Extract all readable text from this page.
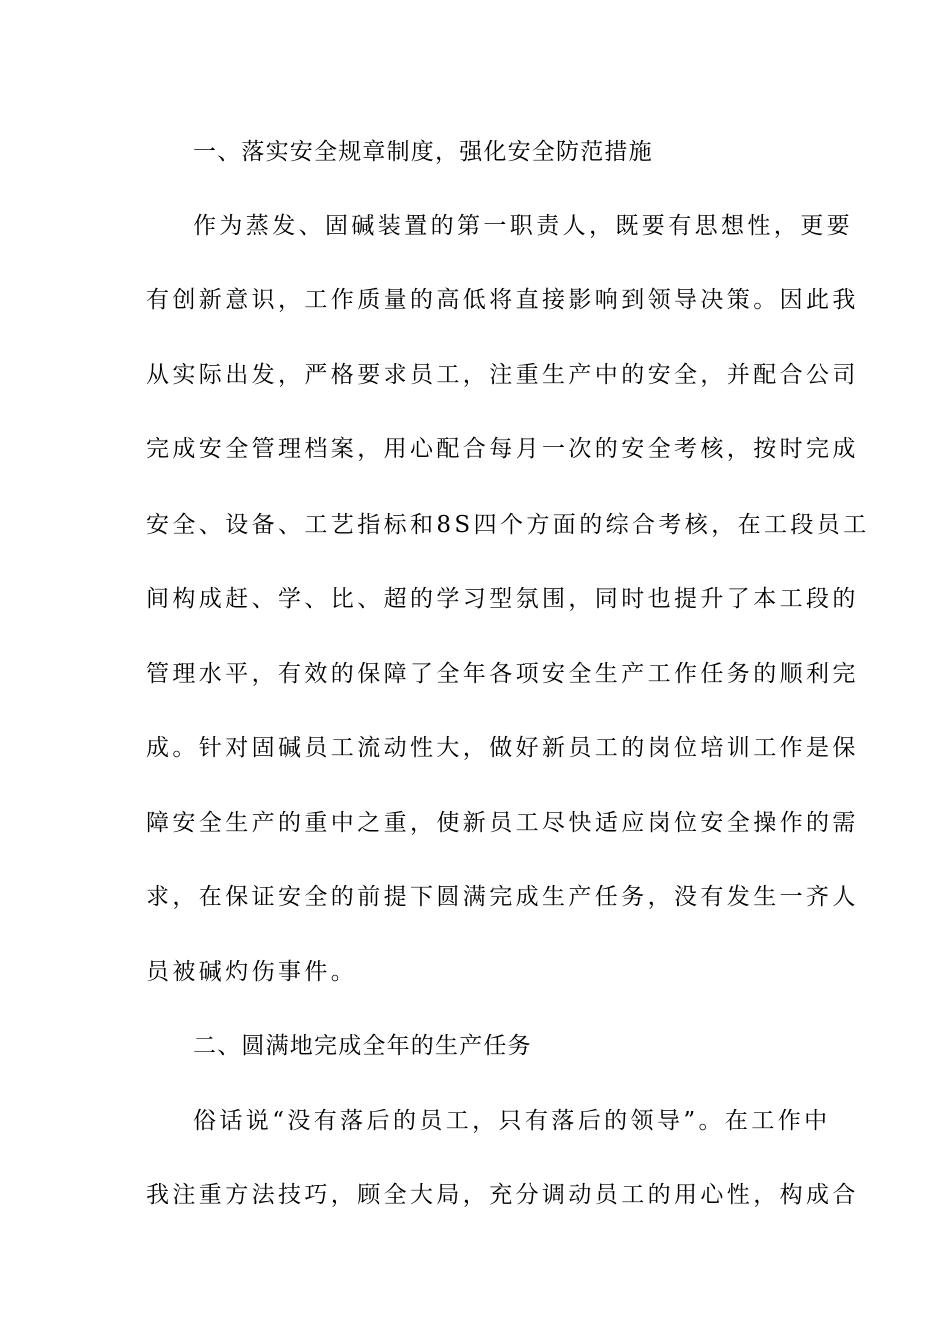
一、落实安全规章制度，强化安全防范措施

作为蒸发、固碱装置的第一职责人，既要有思想性，更要

有创新意识，工作质量的高低将直接影响到领导决策。因此我

从实际出发，严格要求员工，注重生产中的安全，并配合公司

完成安全管理档案，用心配合每月一次的安全考核，按时完成

安全、设备、工艺指标和8S四个方面的综合考核，在工段员工

间构成赶、学、比、超的学习型氛围，同时也提升了本工段的

管理水平，有效的保障了全年各项安全生产工作任务的顺利完

成。针对固碱员工流动性大，做好新员工的岗位培训工作是保

障安全生产的重中之重，使新员工尽快适应岗位安全操作的需

求，在保证安全的前提下圆满完成生产任务，没有发生一齐人

员被碱灼伤事件。

二、圆满地完成全年的生产任务

俗话说“没有落后的员工，只有落后的领导”。在工作中

我注重方法技巧，顾全大局，充分调动员工的用心性，构成合
